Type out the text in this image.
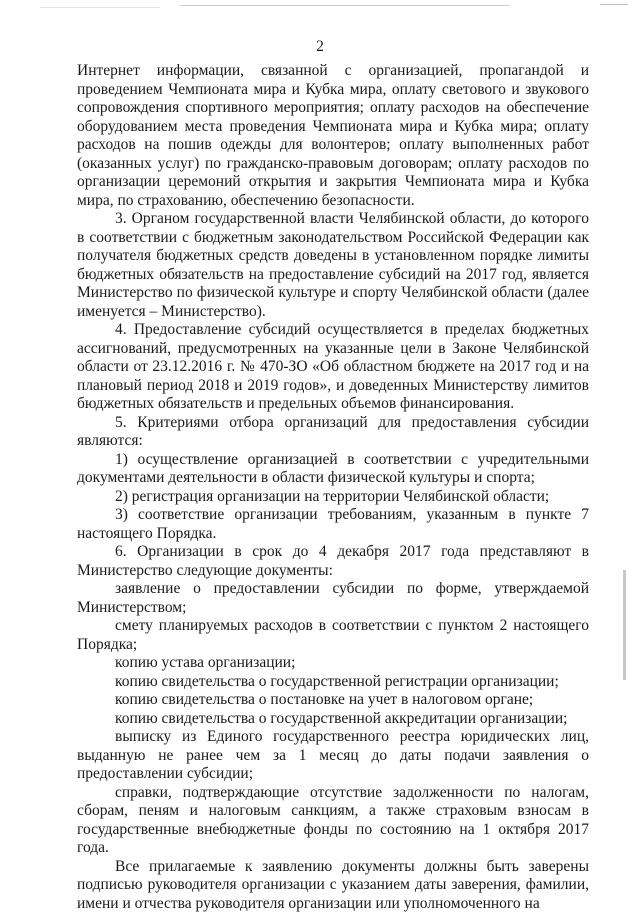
2

Интернет информации, связанной с организацией, пропагандой и проведением Чемпионата мира и Кубка мира, оплату светового и звукового сопровождения спортивного мероприятия; оплату расходов на обеспечение оборудованием места проведения Чемпионата мира и Кубка мира; оплату расходов на пошив одежды для волонтеров; оплату выполненных работ (оказанных услуг) по гражданско-правовым договорам; оплату расходов по организации церемоний открытия и закрытия Чемпионата мира и Кубка мира, по страхованию, обеспечению безопасности.

3. Органом государственной власти Челябинской области, до которого в соответствии с бюджетным законодательством Российской Федерации как получателя бюджетных средств доведены в установленном порядке лимиты бюджетных обязательств на предоставление субсидий на 2017 год, является Министерство по физической культуре и спорту Челябинской области (далее именуется – Министерство).

4. Предоставление субсидий осуществляется в пределах бюджетных ассигнований, предусмотренных на указанные цели в Законе Челябинской области от 23.12.2016 г. № 470-ЗО «Об областном бюджете на 2017 год и на плановый период 2018 и 2019 годов», и доведенных Министерству лимитов бюджетных обязательств и предельных объемов финансирования.

5. Критериями отбора организаций для предоставления субсидии являются:

1) осуществление организацией в соответствии с учредительными документами деятельности в области физической культуры и спорта;

2) регистрация организации на территории Челябинской области;

3) соответствие организации требованиям, указанным в пункте 7 настоящего Порядка.

6. Организации в срок до 4 декабря 2017 года представляют в Министерство следующие документы:

заявление о предоставлении субсидии по форме, утверждаемой Министерством;

смету планируемых расходов в соответствии с пунктом 2 настоящего Порядка;

копию устава организации;

копию свидетельства о государственной регистрации организации;

копию свидетельства о постановке на учет в налоговом органе;

копию свидетельства о государственной аккредитации организации;

выписку из Единого государственного реестра юридических лиц, выданную не ранее чем за 1 месяц до даты подачи заявления о предоставлении субсидии;

справки, подтверждающие отсутствие задолженности по налогам, сборам, пеням и налоговым санкциям, а также страховым взносам в государственные внебюджетные фонды по состоянию на 1 октября 2017 года.

Все прилагаемые к заявлению документы должны быть заверены подписью руководителя организации с указанием даты заверения, фамилии, имени и отчества руководителя организации или уполномоченного на
